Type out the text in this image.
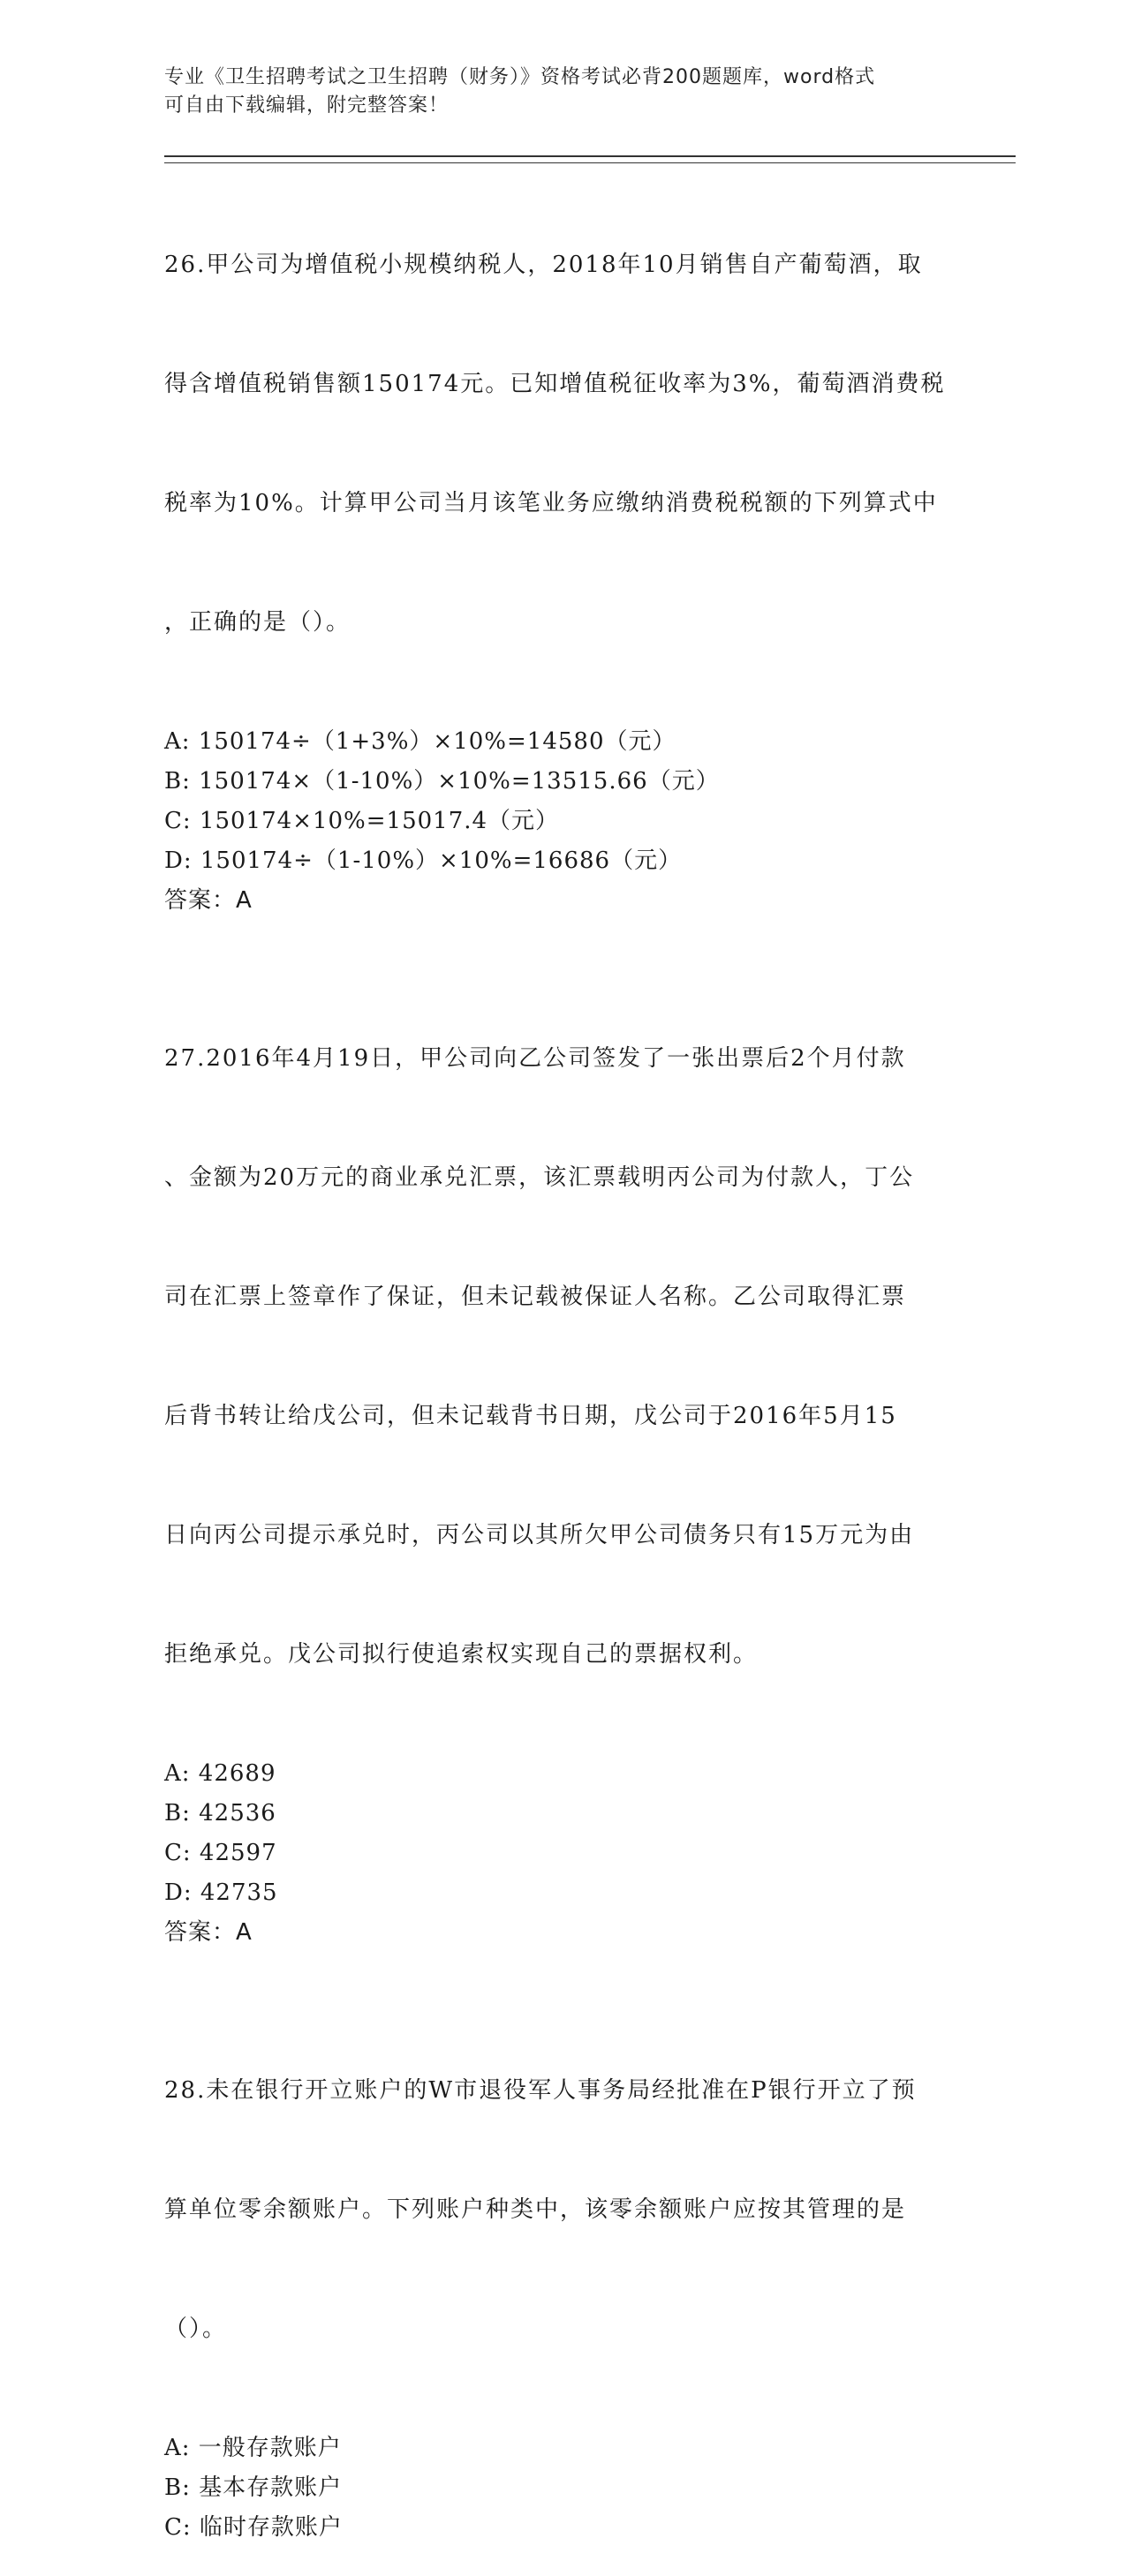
专业《卫生招聘考试之卫生招聘（财务）》资格考试必背200题题库，word格式
可自由下载编辑，附完整答案！

26.甲公司为增值税小规模纳税人，2018年10月销售自产葡萄酒，取

得含增值税销售额150174元。已知增值税征收率为3%，葡萄酒消费税

税率为10%。计算甲公司当月该笔业务应缴纳消费税税额的下列算式中

，正确的是（）。

A: 150174÷（1+3%）×10%=14580（元）
B: 150174×（1-10%）×10%=13515.66（元）
C: 150174×10%=15017.4（元）
D: 150174÷（1-10%）×10%=16686（元）
答案：A

27.2016年4月19日，甲公司向乙公司签发了一张出票后2个月付款

、金额为20万元的商业承兑汇票，该汇票载明丙公司为付款人，丁公

司在汇票上签章作了保证，但未记载被保证人名称。乙公司取得汇票

后背书转让给戊公司，但未记载背书日期，戊公司于2016年5月15

日向丙公司提示承兑时，丙公司以其所欠甲公司债务只有15万元为由

拒绝承兑。戊公司拟行使追索权实现自己的票据权利。

A: 42689
B: 42536
C: 42597
D: 42735
答案：A

28.未在银行开立账户的W市退役军人事务局经批准在P银行开立了预

算单位零余额账户。下列账户种类中，该零余额账户应按其管理的是

（）。

A: 一般存款账户
B: 基本存款账户
C: 临时存款账户
